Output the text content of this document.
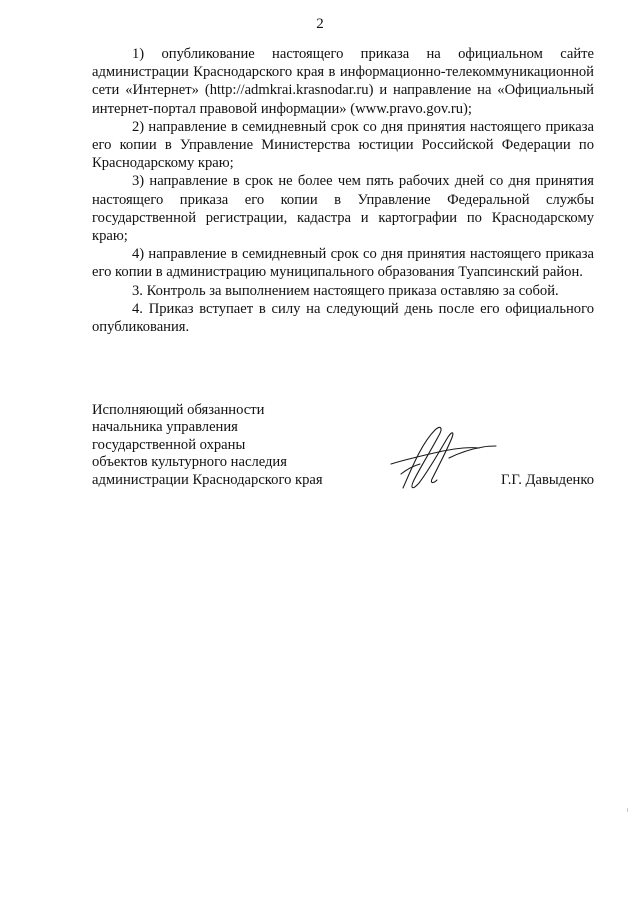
2

1) опубликование настоящего приказа на официальном сайте администрации Краснодарского края в информационно-телекоммуникационной сети «Интернет» (http://admkrai.krasnodar.ru) и направление на «Официальный интернет-портал правовой информации» (www.pravo.gov.ru);

2) направление в семидневный срок со дня принятия настоящего приказа его копии в Управление Министерства юстиции Российской Федерации по Краснодарскому краю;

3) направление в срок не более чем пять рабочих дней со дня принятия настоящего приказа его копии в Управление Федеральной службы государственной регистрации, кадастра и картографии по Краснодарскому краю;

4) направление в семидневный срок со дня принятия настоящего приказа его копии в администрацию муниципального образования Туапсинский район.

3. Контроль за выполнением настоящего приказа оставляю за собой.

4. Приказ вступает в силу на следующий день после его официального опубликования.

Исполняющий обязанности
начальника управления
государственной охраны
объектов культурного наследия
администрации Краснодарского края	Г.Г. Давыденко
